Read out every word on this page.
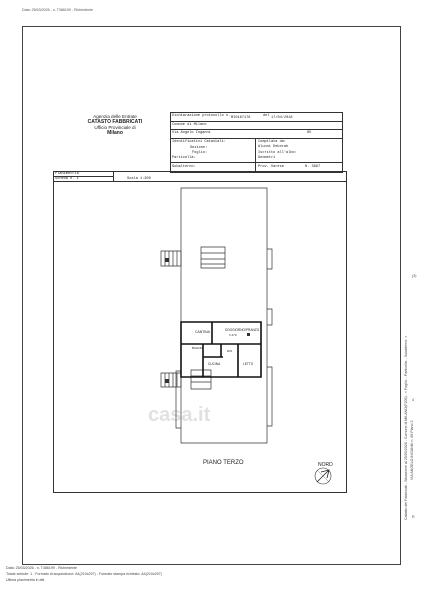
Data: 25/03/2026 - n. T386199 - Richiedente
Agenzia delle Entrate
CATASTO FABBRICATI
Ufficio Provinciale di
Milano
Dichiarazione protocollo n. MI0167178	del 17/04/2018
Comune di Milano
Via Angelo Inganni	65
Identificativi Catastali:
Sezione:
Foglio:
Particella:
Subalterno:
Compilata da:
Alunni Deborah
Iscritto all'albo:
Geometri
Prov. Varese	N. 3697
Planimetria
Scheda n. 1	Scala 1:200
CANTINA	SOGGIORNO/PRANZO
h 270
BAGNO
DIS
CUCINA	LETTO
PIANO TERZO	NORD
casa.it	Catasto dei Fabbricati - Situazione al 25/03/2026 - Comune di MILANO(F205) - < Foglio: - Particella: - Subalterno: > VIA ANGELO INGANNI n. 65 Piano 3
(3)
4
R
Data: 25/03/2026 - n. T386199 - Richiedente
Totale schede: 1 - Formato di acquisizione: A4(210x297) - Formato stampa richiesto: A4(210x297)
Ultima planimetria in atti
